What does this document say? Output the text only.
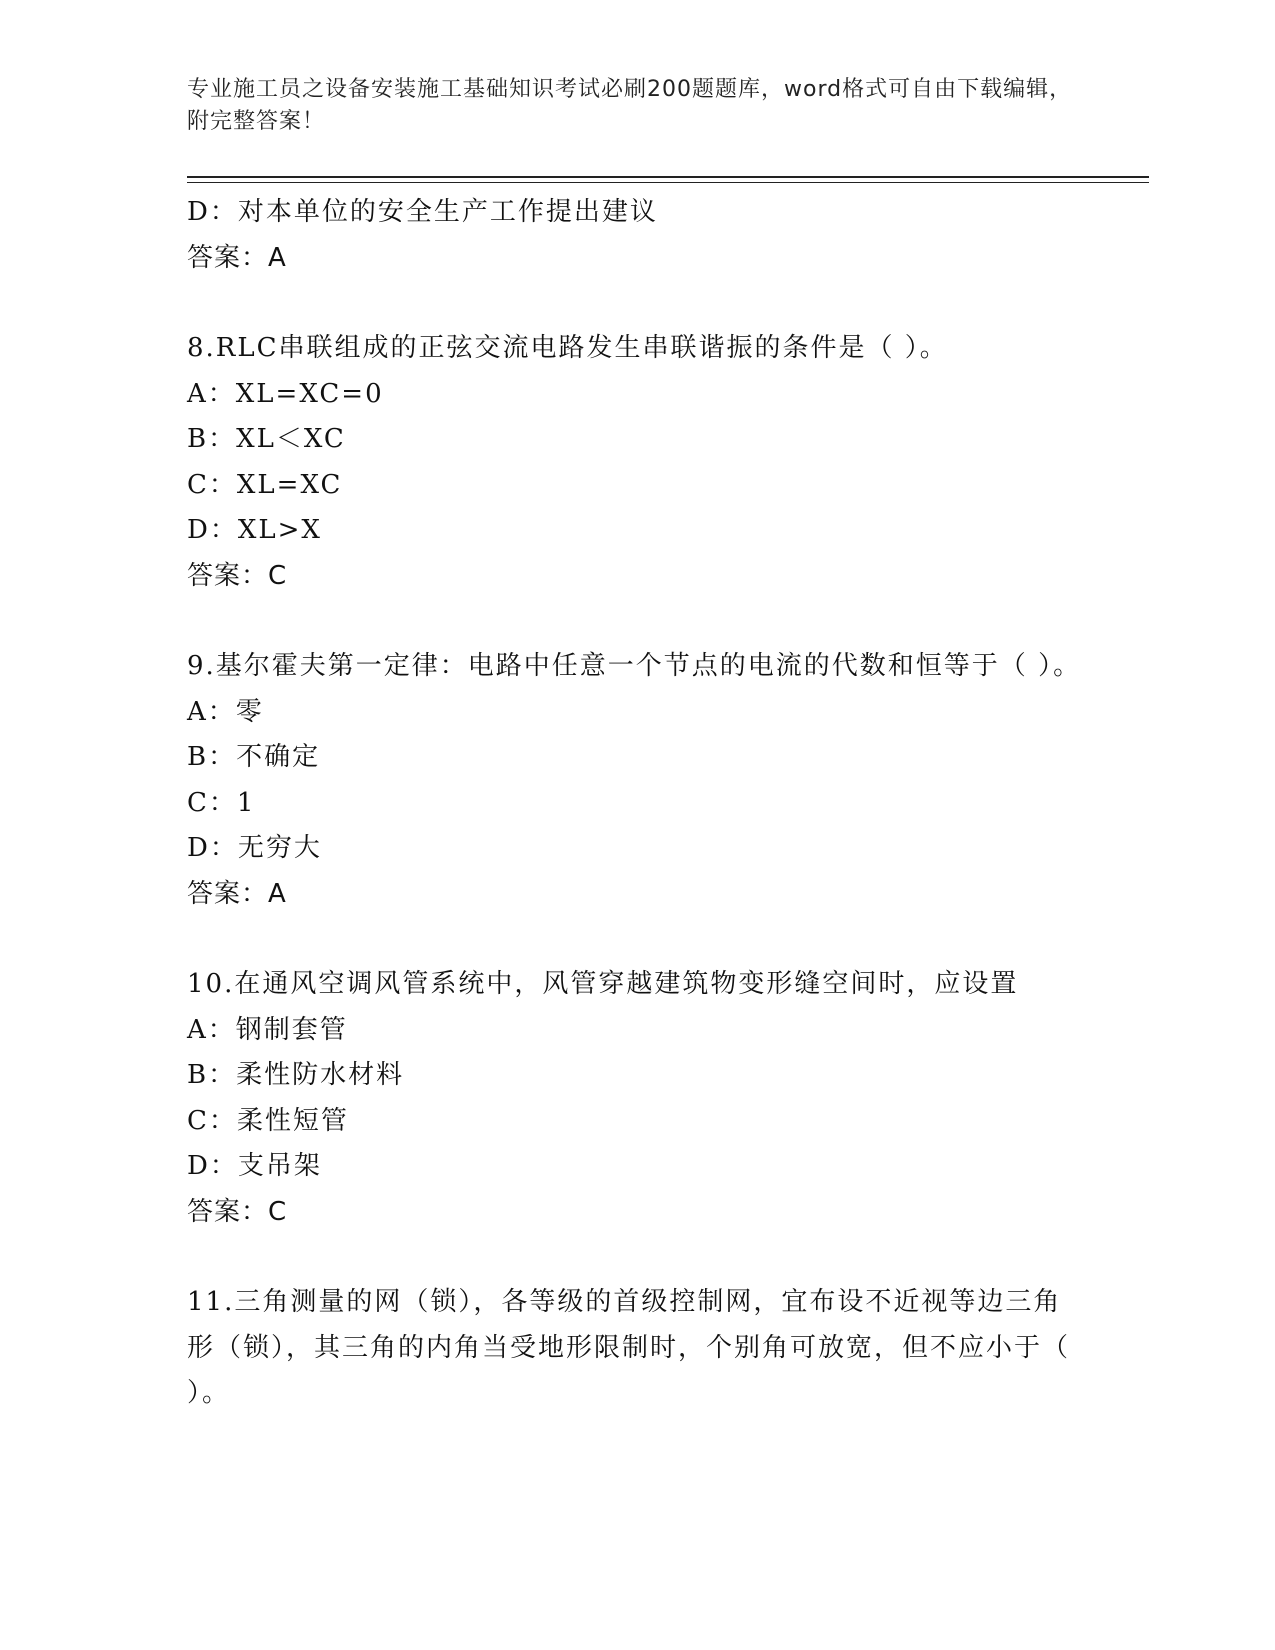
专业施工员之设备安装施工基础知识考试必刷200题题库，word格式可自由下载编辑，附完整答案！
D：对本单位的安全生产工作提出建议
答案：A
8.RLC串联组成的正弦交流电路发生串联谐振的条件是（ ）。
A：XL=XC=0
B：XL＜XC
C：XL=XC
D：XL>X
答案：C
9.基尔霍夫第一定律：电路中任意一个节点的电流的代数和恒等于（ ）。
A：零
B：不确定
C：1
D：无穷大
答案：A
10.在通风空调风管系统中，风管穿越建筑物变形缝空间时，应设置
A：钢制套管
B：柔性防水材料
C：柔性短管
D：支吊架
答案：C
11.三角测量的网（锁），各等级的首级控制网，宜布设不近视等边三角形（锁），其三角的内角当受地形限制时，个别角可放宽，但不应小于（ ）。
